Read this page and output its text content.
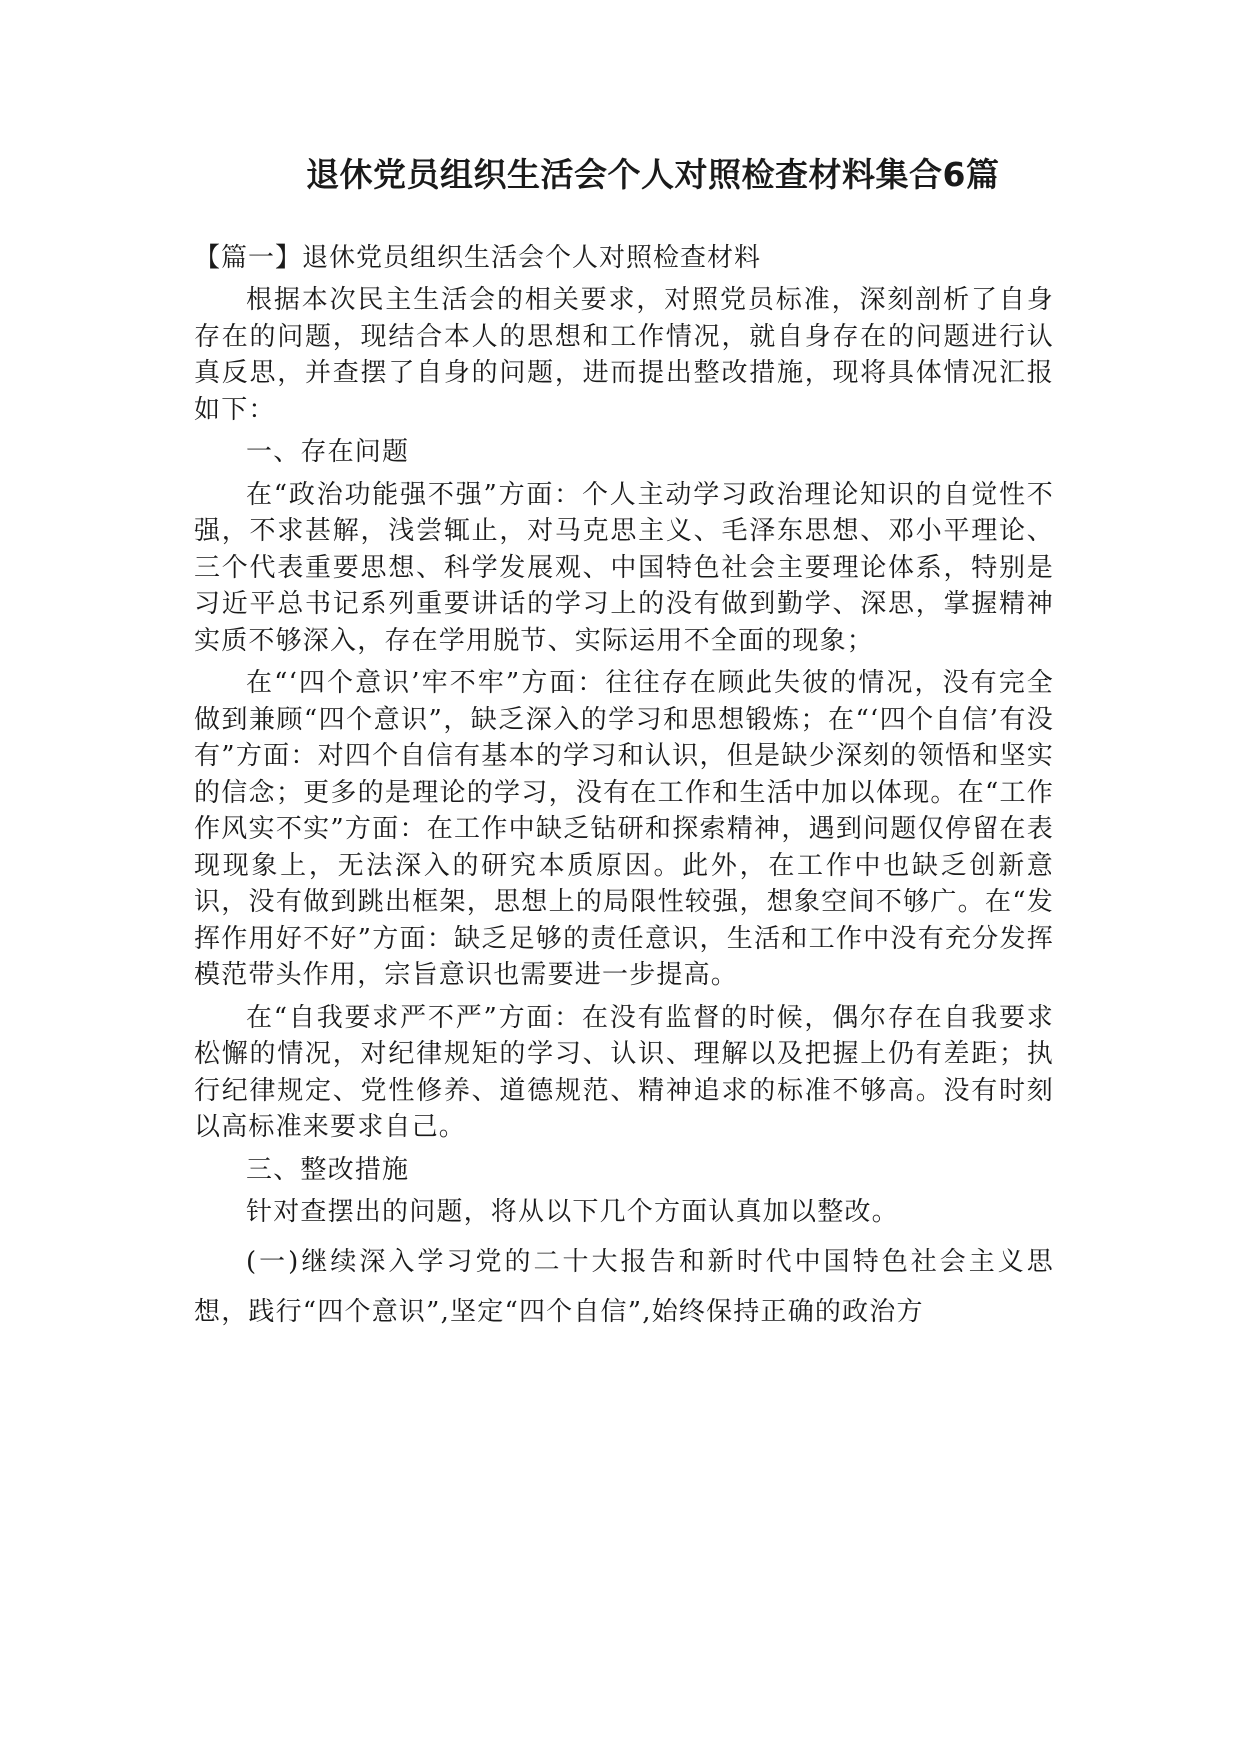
退休党员组织生活会个人对照检查材料集合6篇
【篇一】退休党员组织生活会个人对照检查材料
根据本次民主生活会的相关要求，对照党员标准，深刻剖析了自身存在的问题，现结合本人的思想和工作情况，就自身存在的问题进行认真反思，并查摆了自身的问题，进而提出整改措施，现将具体情况汇报如下：
一、存在问题
在“政治功能强不强”方面：个人主动学习政治理论知识的自觉性不强，不求甚解，浅尝辄止，对马克思主义、毛泽东思想、邓小平理论、三个代表重要思想、科学发展观、中国特色社会主要理论体系，特别是习近平总书记系列重要讲话的学习上的没有做到勤学、深思，掌握精神实质不够深入，存在学用脱节、实际运用不全面的现象；
在“‘四个意识’牢不牢”方面：往往存在顾此失彼的情况，没有完全做到兼顾“四个意识”，缺乏深入的学习和思想锻炼；在“‘四个自信’有没有”方面：对四个自信有基本的学习和认识，但是缺少深刻的领悟和坚实的信念；更多的是理论的学习，没有在工作和生活中加以体现。在“工作作风实不实”方面：在工作中缺乏钻研和探索精神，遇到问题仅停留在表现现象上，无法深入的研究本质原因。此外，在工作中也缺乏创新意识，没有做到跳出框架，思想上的局限性较强，想象空间不够广。在“发挥作用好不好”方面：缺乏足够的责任意识，生活和工作中没有充分发挥模范带头作用，宗旨意识也需要进一步提高。
在“自我要求严不严”方面：在没有监督的时候，偶尔存在自我要求松懈的情况，对纪律规矩的学习、认识、理解以及把握上仍有差距；执行纪律规定、党性修养、道德规范、精神追求的标准不够高。没有时刻以高标准来要求自己。
三、整改措施
针对查摆出的问题，将从以下几个方面认真加以整改。
(一)继续深入学习党的二十大报告和新时代中国特色社会主义思想，践行“四个意识”,坚定“四个自信”,始终保持正确的政治方
